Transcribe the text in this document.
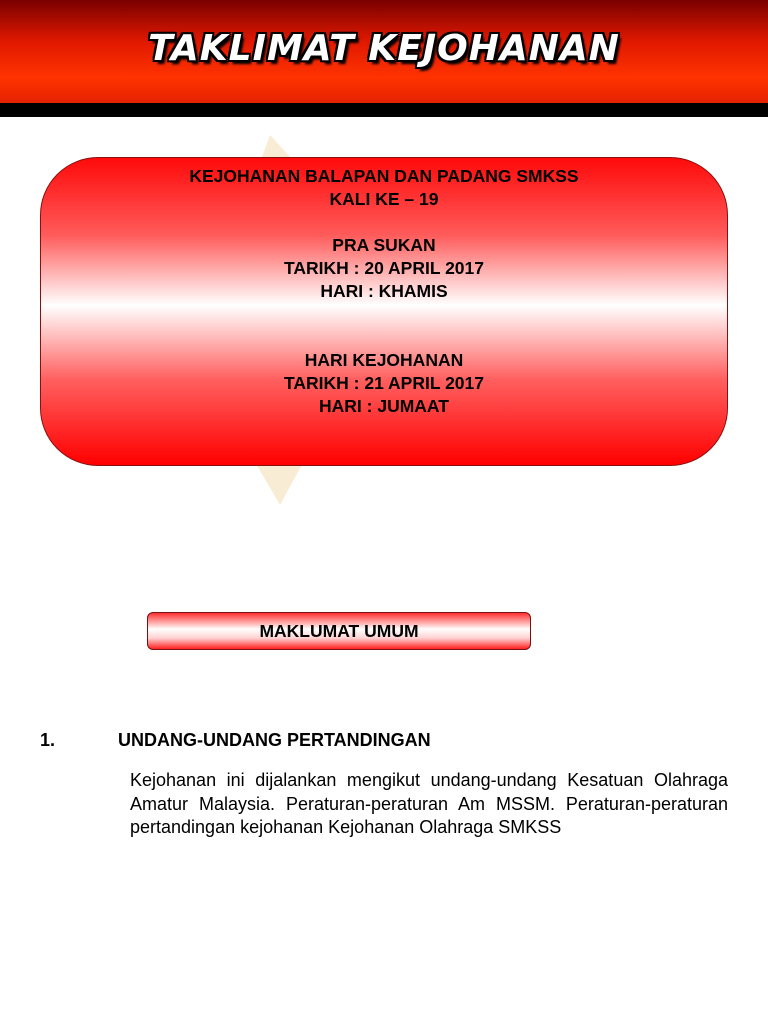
TAKLIMAT KEJOHANAN
KEJOHANAN BALAPAN DAN PADANG SMKSS
KALI KE – 19
PRA SUKAN
TARIKH : 20 APRIL 2017
HARI : KHAMIS
HARI KEJOHANAN
TARIKH : 21 APRIL 2017
HARI : JUMAAT
MAKLUMAT UMUM
1.	UNDANG-UNDANG PERTANDINGAN
Kejohanan ini dijalankan mengikut undang-undang Kesatuan Olahraga Amatur Malaysia. Peraturan-peraturan Am MSSM. Peraturan-peraturan pertandingan kejohanan Kejohanan Olahraga SMKSS
